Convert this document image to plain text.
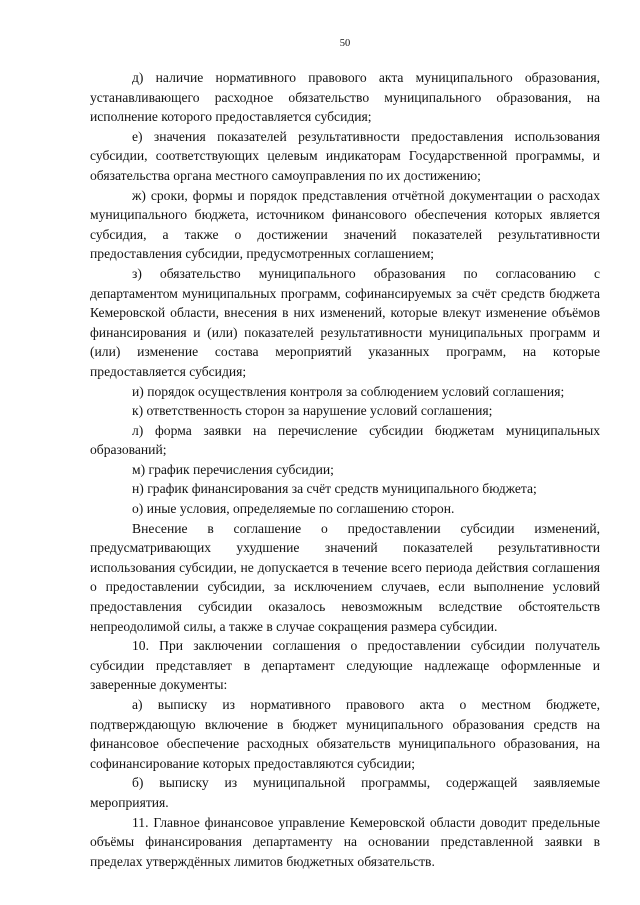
50

д) наличие нормативного правового акта муниципального образования, устанавливающего расходное обязательство муниципального образования, на исполнение которого предоставляется субсидия;

е) значения показателей результативности предоставления использования субсидии, соответствующих целевым индикаторам Государственной программы, и обязательства органа местного самоуправления по их достижению;

ж) сроки, формы и порядок представления отчётной документации о расходах муниципального бюджета, источником финансового обеспечения которых является субсидия, а также о достижении значений показателей результативности предоставления субсидии, предусмотренных соглашением;

з) обязательство муниципального образования по согласованию с департаментом муниципальных программ, софинансируемых за счёт средств бюджета Кемеровской области, внесения в них изменений, которые влекут изменение объёмов финансирования и (или) показателей результативности муниципальных программ и (или) изменение состава мероприятий указанных программ, на которые предоставляется субсидия;

и) порядок осуществления контроля за соблюдением условий соглашения;

к) ответственность сторон за нарушение условий соглашения;

л) форма заявки на перечисление субсидии бюджетам муниципальных образований;

м) график перечисления субсидии;

н) график финансирования за счёт средств муниципального бюджета;

о) иные условия, определяемые по соглашению сторон.

Внесение в соглашение о предоставлении субсидии изменений, предусматривающих ухудшение значений показателей результативности использования субсидии, не допускается в течение всего периода действия соглашения о предоставлении субсидии, за исключением случаев, если выполнение условий предоставления субсидии оказалось невозможным вследствие обстоятельств непреодолимой силы, а также в случае сокращения размера субсидии.

10. При заключении соглашения о предоставлении субсидии получатель субсидии представляет в департамент следующие надлежаще оформленные и заверенные документы:

а) выписку из нормативного правового акта о местном бюджете, подтверждающую включение в бюджет муниципального образования средств на финансовое обеспечение расходных обязательств муниципального образования, на софинансирование которых предоставляются субсидии;

б) выписку из муниципальной программы, содержащей заявляемые мероприятия.

11. Главное финансовое управление Кемеровской области доводит предельные объёмы финансирования департаменту на основании представленной заявки в пределах утверждённых лимитов бюджетных обязательств.
